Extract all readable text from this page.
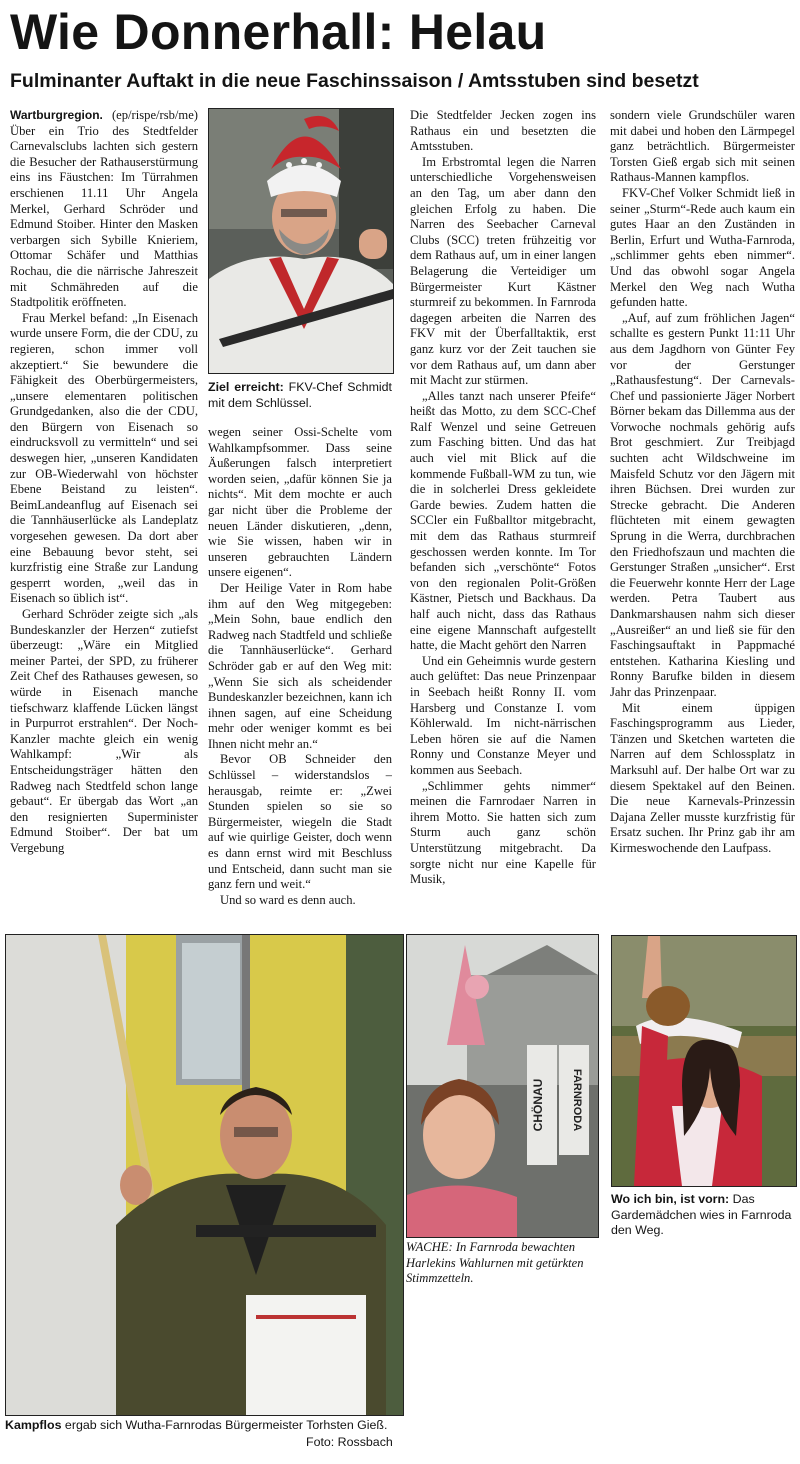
Wie Donnerhall: Helau
Fulminanter Auftakt in die neue Faschinssaison / Amtsstuben sind besetzt

Wartburgregion. (ep/rispe/rsb/me) Über ein Trio des Stedtfelder Carnevalsclubs lachten sich gestern die Besucher der Rathauserstürmung eins ins Fäustchen: Im Türrahmen erschienen 11.11 Uhr Angela Merkel, Gerhard Schröder und Edmund Stoiber. Hinter den Masken verbargen sich Sybille Knieriem, Ottomar Schäfer und Matthias Rochau, die die närrische Jahreszeit mit Schmähreden auf die Stadtpolitik eröffneten.

Frau Merkel befand: „In Eisenach wurde unsere Form, die der CDU, zu regieren, schon immer voll akzeptiert.“ Sie bewundere die Fähigkeit des Oberbürgermeisters, „unsere elementaren politischen Grundgedanken, also die der CDU, den Bürgern von Eisenach so eindrucksvoll zu vermitteln“ und sei deswegen hier, „unseren Kandidaten zur OB-Wiederwahl von höchster Ebene Beistand zu leisten“. BeimLandeanflug auf Eisenach sei die Tannhäuserlücke als Landeplatz vorgesehen gewesen. Da dort aber eine Bebauung bevor steht, sei kurzfristig eine Straße zur Landung gesperrt worden, „weil das in Eisenach so üblich ist“.

Gerhard Schröder zeigte sich „als Bundeskanzler der Herzen“ zutiefst überzeugt: „Wäre ein Mitglied meiner Partei, der SPD, zu früherer Zeit Chef des Rathauses gewesen, so würde in Eisenach manche tiefschwarz klaffende Lücken längst in Purpurrot erstrahlen“. Der Noch-Kanzler machte gleich ein wenig Wahlkampf: „Wir als Entscheidungsträger hätten den Radweg nach Stedtfeld schon lange gebaut“. Er übergab das Wort „an den resignierten Superminister Edmund Stoiber“. Der bat um Vergebung

Ziel erreicht: FKV-Chef Schmidt mit dem Schlüssel.

wegen seiner Ossi-Schelte vom Wahlkampfsommer. Dass seine Äußerungen falsch interpretiert worden seien, „dafür können Sie ja nichts“. Mit dem mochte er auch gar nicht über die Probleme der neuen Länder diskutieren, „denn, wie Sie wissen, haben wir in unseren gebrauchten Ländern unsere eigenen“.

Der Heilige Vater in Rom habe ihm auf den Weg mitgegeben: „Mein Sohn, baue endlich den Radweg nach Stadtfeld und schließe die Tannhäuserlücke“. Gerhard Schröder gab er auf den Weg mit: „Wenn Sie sich als scheidender Bundeskanzler bezeichnen, kann ich ihnen sagen, auf eine Scheidung mehr oder weniger kommt es bei Ihnen nicht mehr an.“

Bevor OB Schneider den Schlüssel – widerstandslos – herausgab, reimte er: „Zwei Stunden spielen so sie so Bürgermeister, wiegeln die Stadt auf wie quirlige Geister, doch wenn es dann ernst wird mit Beschluss und Entscheid, dann sucht man sie ganz fern und weit.“

Und so ward es denn auch.

Die Stedtfelder Jecken zogen ins Rathaus ein und besetzten die Amtsstuben.

Im Erbstromtal legen die Narren unterschiedliche Vorgehensweisen an den Tag, um aber dann den gleichen Erfolg zu haben. Die Narren des Seebacher Carneval Clubs (SCC) treten frühzeitig vor dem Rathaus auf, um in einer langen Belagerung die Verteidiger um Bürgermeister Kurt Kästner sturmreif zu bekommen. In Farnroda dagegen arbeiten die Narren des FKV mit der Überfalltaktik, erst ganz kurz vor der Zeit tauchen sie vor dem Rathaus auf, um dann aber mit Macht zur stürmen.

„Alles tanzt nach unserer Pfeife“ heißt das Motto, zu dem SCC-Chef Ralf Wenzel und seine Getreuen zum Fasching bitten. Und das hat auch viel mit Blick auf die kommende Fußball-WM zu tun, wie die in solcherlei Dress gekleidete Garde bewies. Zudem hatten die SCCler ein Fußballtor mitgebracht, mit dem das Rathaus sturmreif geschossen werden konnte. Im Tor befanden sich „verschönte“ Fotos von den regionalen Polit-Größen Kästner, Pietsch und Backhaus. Da half auch nicht, dass das Rathaus eine eigene Mannschaft aufgestellt hatte, die Macht gehört den Narren

Und ein Geheimnis wurde gestern auch gelüftet: Das neue Prinzenpaar in Seebach heißt Ronny II. vom Harsberg und Constanze I. vom Köhlerwald. Im nicht-närrischen Leben hören sie auf die Namen Ronny und Constanze Meyer und kommen aus Seebach.

„Schlimmer gehts nimmer“ meinen die Farnrodaer Narren in ihrem Motto. Sie hatten sich zum Sturm auch ganz schön Unterstützung mitgebracht. Da sorgte nicht nur eine Kapelle für Musik,

sondern viele Grundschüler waren mit dabei und hoben den Lärmpegel ganz beträchtlich. Bürgermeister Torsten Gieß ergab sich mit seinen Rathaus-Mannen kampflos.

FKV-Chef Volker Schmidt ließ in seiner „Sturm“-Rede auch kaum ein gutes Haar an den Zuständen in Berlin, Erfurt und Wutha-Farnroda, „schlimmer gehts eben nimmer“. Und das obwohl sogar Angela Merkel den Weg nach Wutha gefunden hatte.

„Auf, auf zum fröhlichen Jagen“ schallte es gestern Punkt 11:11 Uhr aus dem Jagdhorn von Günter Fey vor der Gerstunger „Rathausfestung“. Der Carnevals-Chef und passionierte Jäger Norbert Börner bekam das Dillemma aus der Vorwoche nochmals gehörig aufs Brot geschmiert. Zur Treibjagd suchten acht Wildschweine im Maisfeld Schutz vor den Jägern mit ihren Büchsen. Drei wurden zur Strecke gebracht. Die Anderen flüchteten mit einem gewagten Sprung in die Werra, durchbrachen den Friedhofszaun und machten die Gerstunger Straßen „unsicher“. Erst die Feuerwehr konnte Herr der Lage werden. Petra Taubert aus Dankmarshausen nahm sich dieser „Ausreißer“ an und ließ sie für den Faschingsauftakt in Pappmaché entstehen. Katharina Kiesling und Ronny Barufke bilden in diesem Jahr das Prinzenpaar.

Mit einem üppigen Faschingsprogramm aus Lieder, Tänzen und Sketchen warteten die Narren auf dem Schlossplatz in Marksuhl auf. Der halbe Ort war zu diesem Spektakel auf den Beinen. Die neue Karnevals-Prinzessin Dajana Zeller musste kurzfristig für Ersatz suchen. Ihr Prinz gab ihr am Kirmeswochende den Laufpass.

Kampflos ergab sich Wutha-Farnrodas Bürgermeister Torhsten Gieß.
Foto: Rossbach
CHÖNAU FARNRODA
WACHE: In Farnroda bewachten Harlekins Wahlurnen mit getürkten Stimmzetteln.
Wo ich bin, ist vorn: Das Gardemädchen wies in Farnroda den Weg.
